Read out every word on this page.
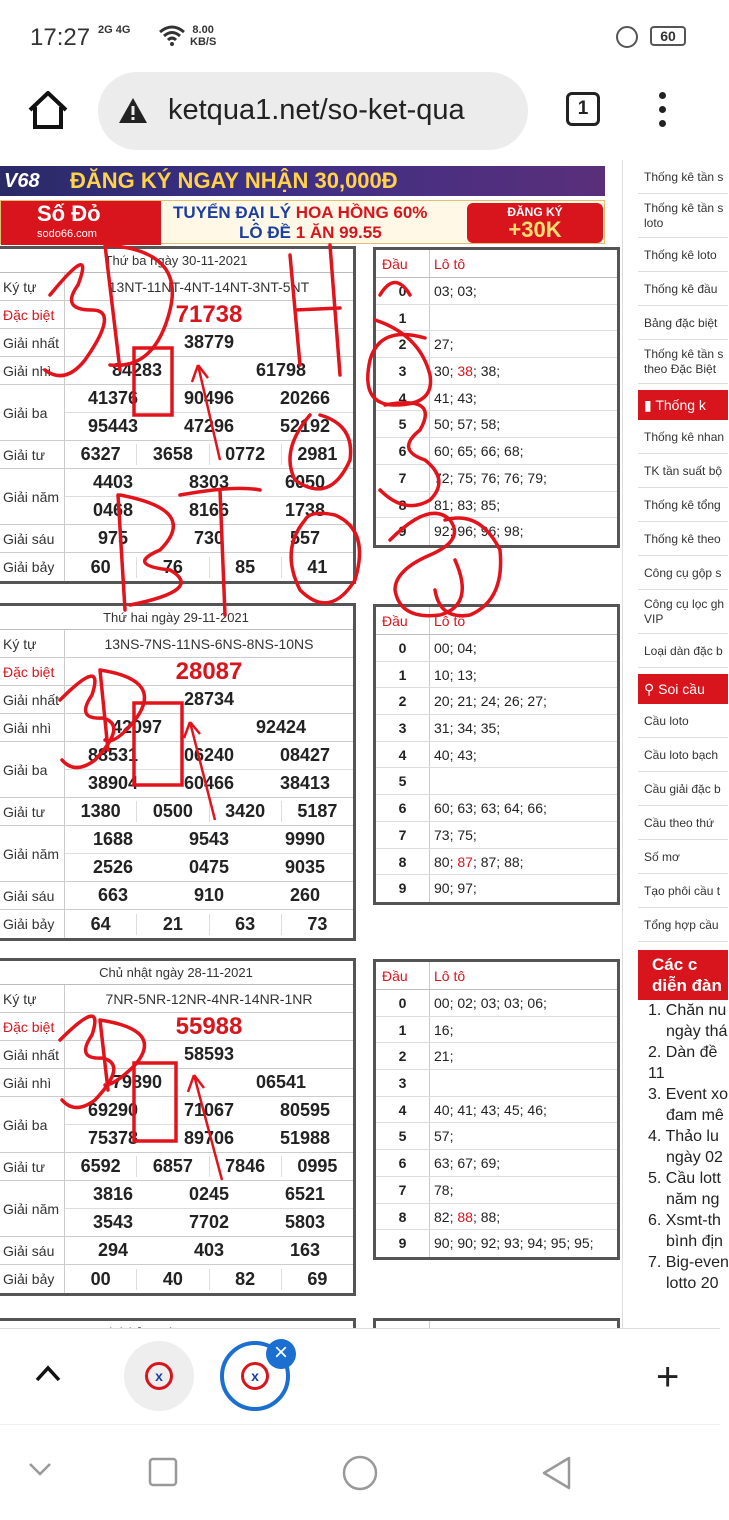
17:27 2G 4G	8.00
KB/S	60
ketqua1.net/so-ket-qua	1
V68 ĐĂNG KÝ NGAY NHẬN 30,000Đ
Số Đỏ
sodo66.com
TUYỂN ĐẠI LÝ HOA HỒNG 60%
LÔ ĐỀ 1 ĂN 99.55
ĐĂNG KÝ
+30K
Thứ ba ngày 30-11-2021
Ký tự	13NT-11NT-4NT-14NT-3NT-5NT
Đặc biệt	71738
Giải nhất	38779
Giải nhì	84283	61798
Giải ba
41376	90496	20266
95443	47296	52192
Giải tư	6327	3658	0772	2981
Giải năm
4403	8303	6050
0468	8166	1738
Giải sáu	975	730	557
Giải bảy	60	76	85	41
Đầu	Lô tô
0	03; 03;
1
2	27;
3	30; 38; 38;
4	41; 43;
5	50; 57; 58;
6	60; 65; 66; 68;
7	72; 75; 76; 76; 79;
8	81; 83; 85;
9	92; 96; 96; 98;
Thứ hai ngày 29-11-2021
Ký tự	13NS-7NS-11NS-6NS-8NS-10NS
Đặc biệt	28087
Giải nhất	28734
Giải nhì	42097	92424
Giải ba
88531	06240	08427
38904	60466	38413
Giải tư	1380	0500	3420	5187
Giải năm
1688	9543	9990
2526	0475	9035
Giải sáu	663	910	260
Giải bảy	64	21	63	73
Đầu	Lô tô
0	00; 04;
1	10; 13;
2	20; 21; 24; 26; 27;
3	31; 34; 35;
4	40; 43;
5
6	60; 63; 63; 64; 66;
7	73; 75;
8	80; 87; 87; 88;
9	90; 97;
Chủ nhật ngày 28-11-2021
Ký tự	7NR-5NR-12NR-4NR-14NR-1NR
Đặc biệt	55988
Giải nhất	58593
Giải nhì	79890	06541
Giải ba
69290	71067	80595
75378	89706	51988
Giải tư	6592	6857	7846	0995
Giải năm
3816	0245	6521
3543	7702	5803
Giải sáu	294	403	163
Giải bảy	00	40	82	69
Đầu	Lô tô
0	00; 02; 03; 03; 06;
1	16;
2	21;
3
4	40; 41; 43; 45; 46;
5	57;
6	63; 67; 69;
7	78;
8	82; 88; 88;
9	90; 90; 92; 93; 94; 95; 95;
Thống kê tần s
Thống kê tần s loto
Thống kê loto
Thống kê đầu
Bảng đặc biệt
Thống kê tần s theo Đặc Biệt
▮ Thống k
Thống kê nhan
TK tần suất bộ
Thống kê tổng
Thống kê theo
Công cụ gộp s
Công cụ lọc gh VIP
Loại dàn đặc b
⚲ Soi cầu
Cầu loto
Cầu loto bạch
Cầu giải đặc b
Cầu theo thứ
Số mơ
Tạo phôi cầu t
Tổng hợp cầu
Các c
diễn đàn
1. Chăn nu
ngày thá
2. Dàn đề
11
3. Event xo
đam mê
4. Thảo lu
ngày 02
5. Cầu lott
năm ng
6. Xsmt-th
bình địn
7. Big-even
lotto 20
x	x
×
+
